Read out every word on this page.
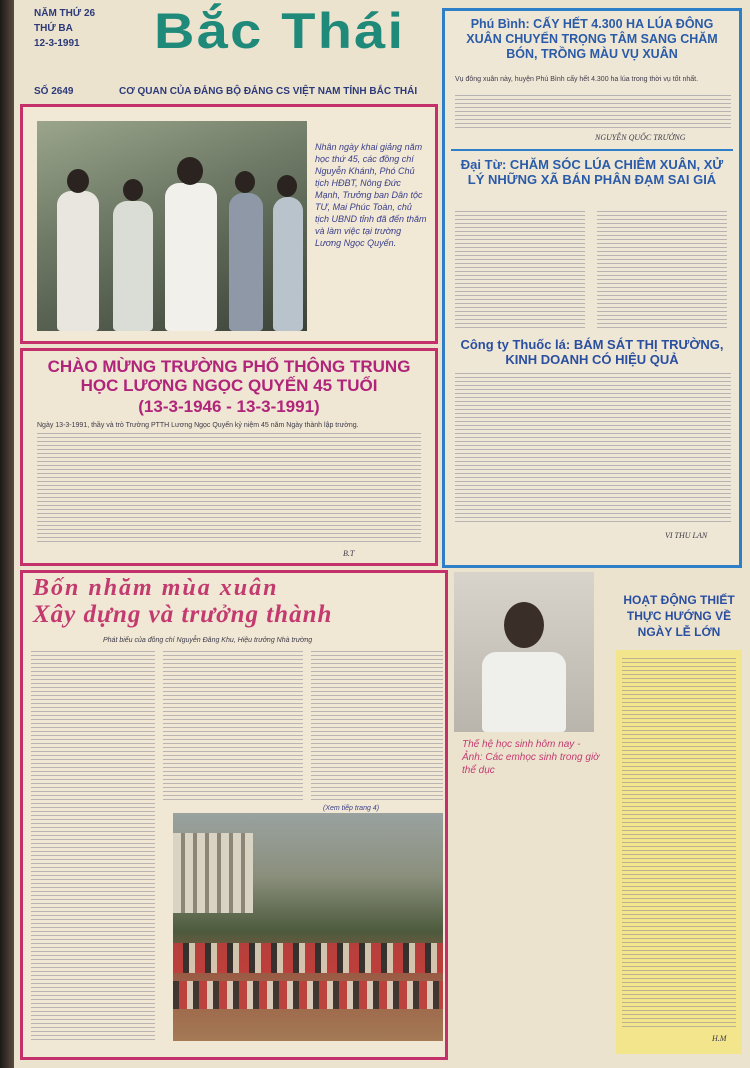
NĂM THỨ 26
THỨ BA
12-3-1991	Bắc Thái
SỐ 2649	CƠ QUAN CỦA ĐẢNG BỘ ĐẢNG CS VIỆT NAM TỈNH BẮC THÁI
Nhân ngày khai giảng năm học thứ 45, các đồng chí Nguyễn Khánh, Phó Chủ tịch HĐBT, Nông Đức Mạnh, Trưởng ban Dân tộc TƯ, Mai Phúc Toàn, chủ tịch UBND tỉnh đã đến thăm và làm việc tại trường Lương Ngọc Quyến.
CHÀO MỪNG TRƯỜNG PHỔ THÔNG TRUNG HỌC LƯƠNG NGỌC QUYẾN 45 TUỔI
(13-3-1946 - 13-3-1991)
Ngày 13-3-1991, thầy và trò Trường PTTH Lương Ngọc Quyến kỷ niệm 45 năm Ngày thành lập trường.
B.T
Phú Bình: CẤY HẾT 4.300 HA LÚA ĐÔNG XUÂN CHUYỂN TRỌNG TÂM SANG CHĂM BÓN, TRỒNG MÀU VỤ XUÂN
Vụ đông xuân này, huyện Phú Bình cấy hết 4.300 ha lúa trong thời vụ tốt nhất.
NGUYỄN QUỐC TRƯỞNG
Đại Từ: CHĂM SÓC LÚA CHIÊM XUÂN, XỬ LÝ NHỮNG XÃ BÁN PHÂN ĐẠM SAI GIÁ
Công ty Thuốc lá: BÁM SÁT THỊ TRƯỜNG, KINH DOANH CÓ HIỆU QUẢ
VI THU LAN
Bốn nhăm mùa xuân
Xây dựng và trưởng thành
Phát biểu của đồng chí Nguyễn Đăng Khu, Hiệu trưởng Nhà trường
(Xem tiếp trang 4)
Thế hệ học sinh hôm nay - Ảnh: Các emhọc sinh trong giờ thể dục
HOẠT ĐỘNG THIẾT THỰC HƯỚNG VỀ NGÀY LỄ LỚN
H.M
